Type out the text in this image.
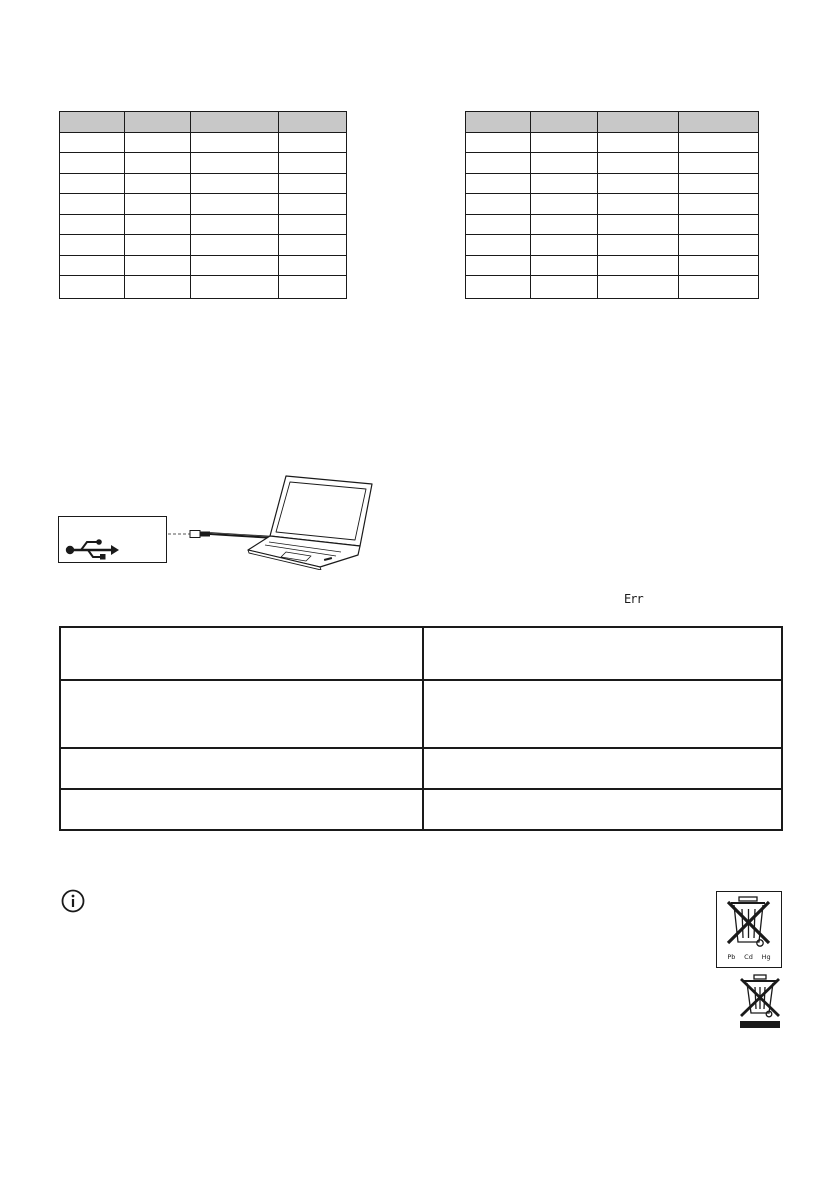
Err

Pb Cd Hg
